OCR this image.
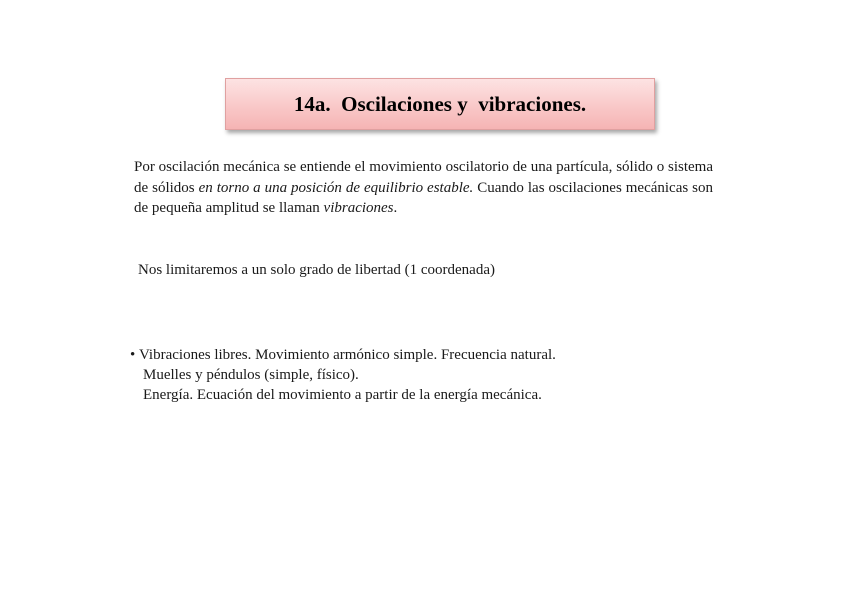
14a.  Oscilaciones y  vibraciones.
Por oscilación mecánica se entiende el movimiento oscilatorio de una partícula, sólido o sistema de sólidos en torno a una posición de equilibrio estable. Cuando las oscilaciones mecánicas son de pequeña amplitud se llaman vibraciones.
Nos limitaremos a un solo grado de libertad (1 coordenada)
• Vibraciones libres. Movimiento armónico simple. Frecuencia natural.
Muelles y péndulos (simple, físico).
Energía. Ecuación del movimiento a partir de la energía mecánica.
